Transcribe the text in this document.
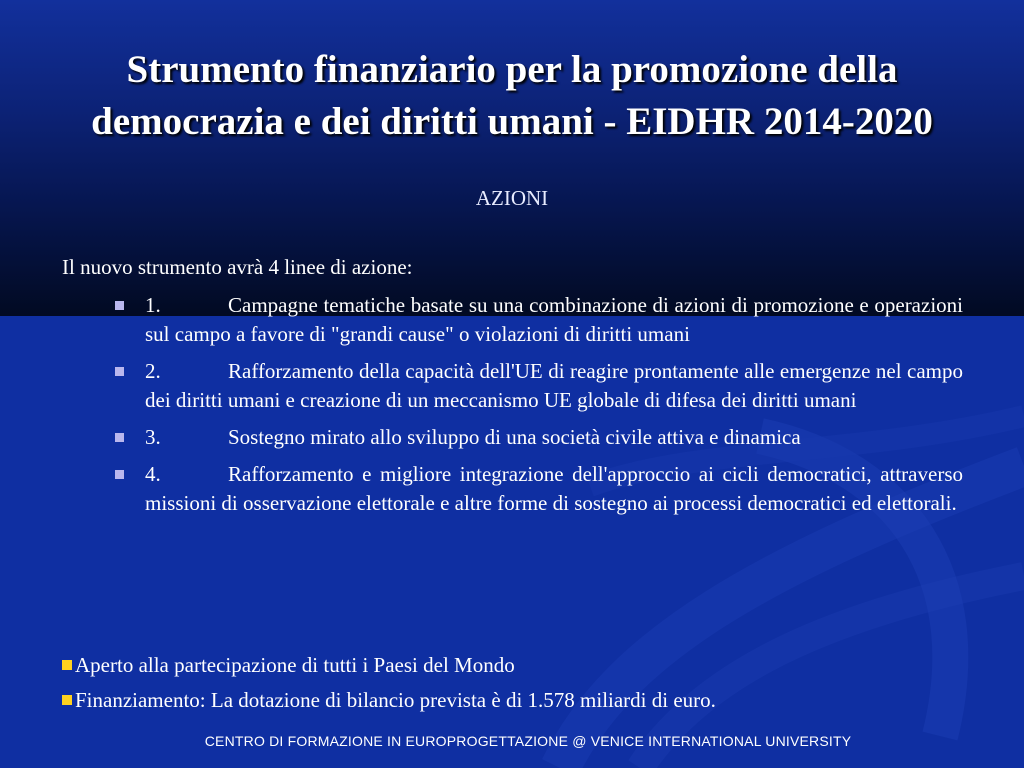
Strumento finanziario per la promozione della
democrazia e dei diritti umani - EIDHR 2014-2020
AZIONI
Il nuovo strumento avrà 4 linee di azione:
1.	Campagne tematiche basate su una combinazione di azioni di promozione e operazioni sul campo a favore di "grandi cause" o violazioni di diritti umani
2.	Rafforzamento della capacità dell'UE di reagire prontamente alle emergenze nel campo dei diritti umani e creazione di un meccanismo UE globale di difesa dei diritti umani
3.	Sostegno mirato allo sviluppo di una società civile attiva e dinamica
4.	Rafforzamento e migliore integrazione dell'approccio ai cicli democratici, attraverso missioni di osservazione elettorale e altre forme di sostegno ai processi democratici ed elettorali.
Aperto alla partecipazione di tutti i Paesi del Mondo
Finanziamento: La dotazione di bilancio prevista è di 1.578 miliardi di euro.
CENTRO DI FORMAZIONE IN EUROPROGETTAZIONE @ VENICE INTERNATIONAL UNIVERSITY
